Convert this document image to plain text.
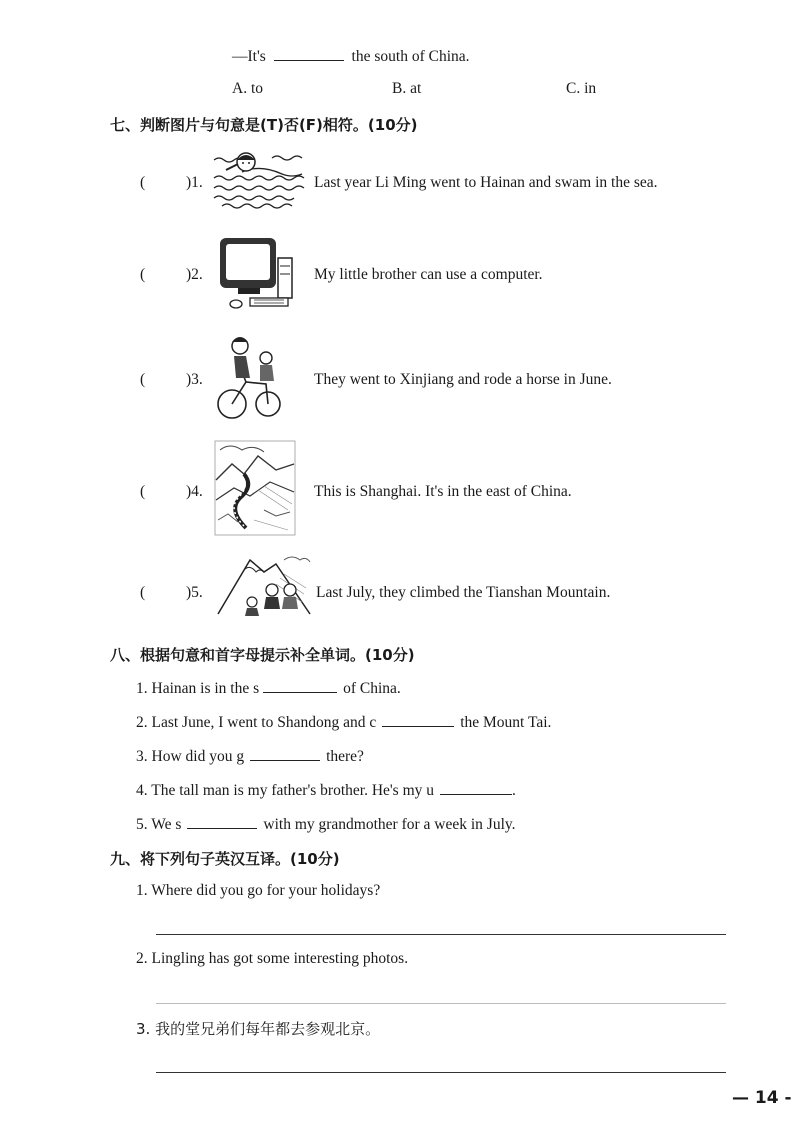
—It's	the south of China.
A. to	B. at	C. in
七、判断图片与句意是(T)否(F)相符。(10分)
(	)1.	Last year Li Ming went to Hainan and swam in the sea.
(	)2.	My little brother can use a computer.
(	)3.	They went to Xinjiang and rode a horse in June.
(	)4.	This is Shanghai. It's in the east of China.
(	)5.	Last July, they climbed the Tianshan Mountain.
八、根据句意和首字母提示补全单词。(10分)
1. Hainan is in the s	of China.
2. Last June, I went to Shandong and c	the Mount Tai.
3. How did you g	there?
4. The tall man is my father's brother. He's my u	.
5. We s	with my grandmother for a week in July.
九、将下列句子英汉互译。(10分)
1. Where did you go for your holidays?
2. Lingling has got some interesting photos.
3. 我的堂兄弟们每年都去参观北京。
— 14 -
